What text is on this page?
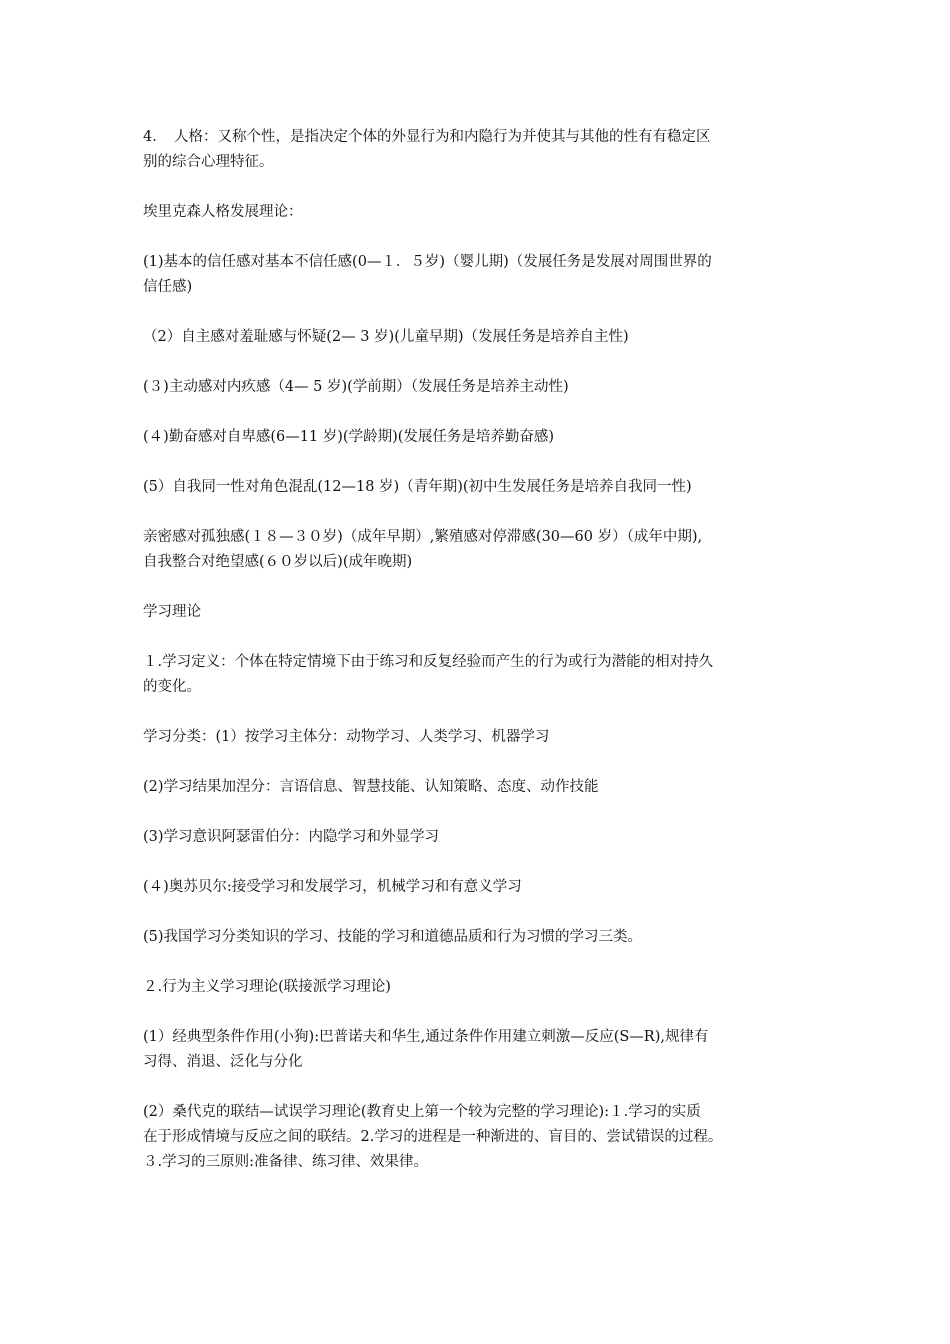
4．　人格：又称个性，是指决定个体的外显行为和内隐行为并使其与其他的性有有稳定区
别的综合心理特征。

埃里克森人格发展理论：

(1)基本的信任感对基本不信任感(0—１．５岁)（婴儿期)（发展任务是发展对周围世界的
信任感)

（2）自主感对羞耻感与怀疑(2— 3 岁)(儿童早期)（发展任务是培养自主性)

(３)主动感对内疚感（4— 5 岁)(学前期）（发展任务是培养主动性)

(４)勤奋感对自卑感(6—11 岁)(学龄期)(发展任务是培养勤奋感)

(5）自我同一性对角色混乱(12—18 岁)（青年期)(初中生发展任务是培养自我同一性)

亲密感对孤独感(１８—３０岁)（成年早期）,繁殖感对停滞感(30—60 岁）（成年中期),
自我整合对绝望感(６０岁以后)(成年晚期)

学习理论

１.学习定义：个体在特定情境下由于练习和反复经验而产生的行为或行为潜能的相对持久
的变化。

学习分类：(1）按学习主体分：动物学习、人类学习、机器学习

(2)学习结果加涅分：言语信息、智慧技能、认知策略、态度、动作技能

(3)学习意识阿瑟雷伯分：内隐学习和外显学习

(４)奥苏贝尔:接受学习和发展学习，机械学习和有意义学习

(5)我国学习分类知识的学习、技能的学习和道德品质和行为习惯的学习三类。

２.行为主义学习理论(联接派学习理论)

(1）经典型条件作用(小狗):巴普诺夫和华生,通过条件作用建立刺激—反应(S—R),规律有
习得、消退、泛化与分化

(2）桑代克的联结—试误学习理论(教育史上第一个较为完整的学习理论):１.学习的实质
在于形成情境与反应之间的联结。2.学习的进程是一种渐进的、盲目的、尝试错误的过程。
３.学习的三原则:准备律、练习律、效果律。
